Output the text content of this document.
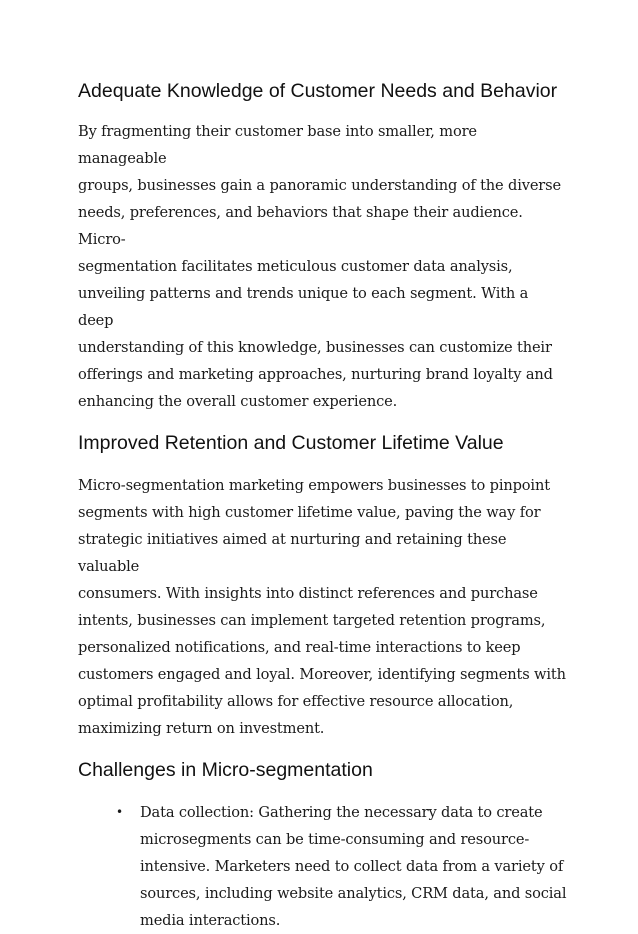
Adequate Knowledge of Customer Needs and Behavior

By fragmenting their customer base into smaller, more manageable
groups, businesses gain a panoramic understanding of the diverse
needs, preferences, and behaviors that shape their audience. Micro-
segmentation facilitates meticulous customer data analysis,
unveiling patterns and trends unique to each segment. With a deep
understanding of this knowledge, businesses can customize their
offerings and marketing approaches, nurturing brand loyalty and
enhancing the overall customer experience.

Improved Retention and Customer Lifetime Value

Micro-segmentation marketing empowers businesses to pinpoint
segments with high customer lifetime value, paving the way for
strategic initiatives aimed at nurturing and retaining these valuable
consumers. With insights into distinct references and purchase
intents, businesses can implement targeted retention programs,
personalized notifications, and real-time interactions to keep
customers engaged and loyal. Moreover, identifying segments with
optimal profitability allows for effective resource allocation,
maximizing return on investment.

Challenges in Micro-segmentation
•	Data collection: Gathering the necessary data to create
microsegments can be time-consuming and resource-
intensive. Marketers need to collect data from a variety of
sources, including website analytics, CRM data, and social
media interactions.
